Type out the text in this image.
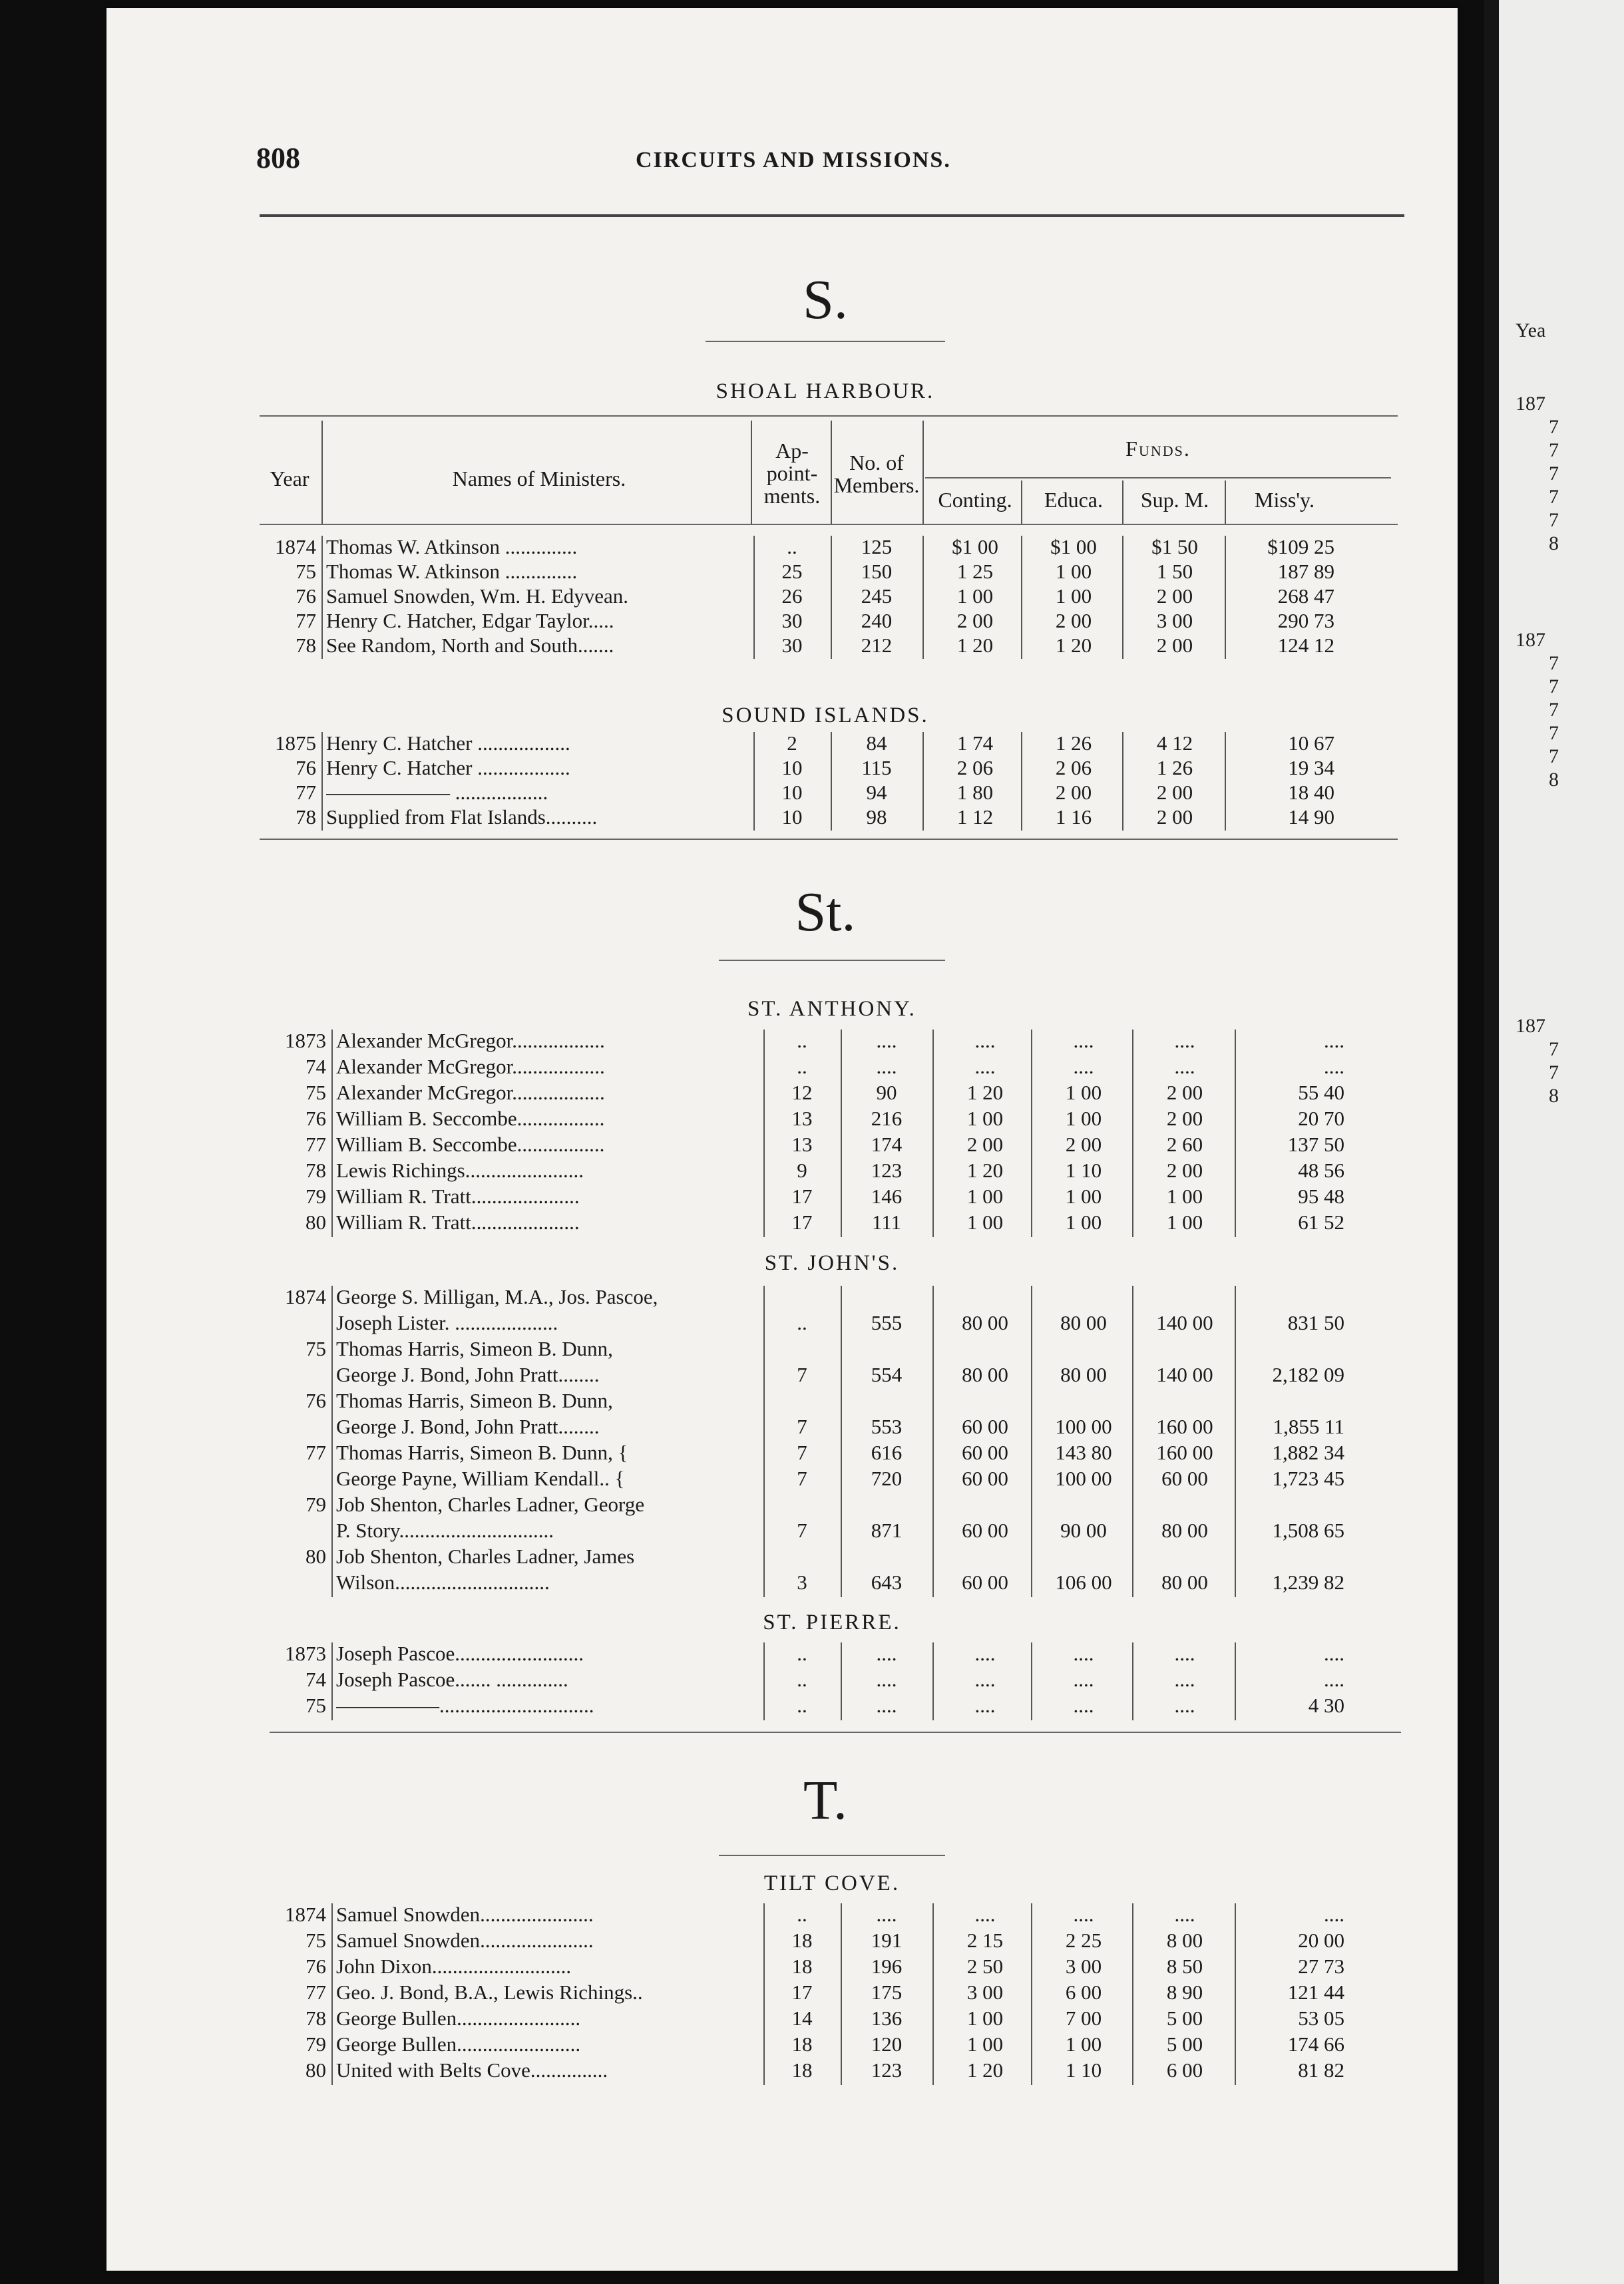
Yea
187
7
7
7
7
7
8
187
7
7
7
7
7
8
187
7
7
8
808	CIRCUITS AND MISSIONS.
S.
SHOAL HARBOUR.
Year	Names of Ministers.
Ap-
point-
ments.
No. of
Members.
Funds.
Conting.	Educa.	Sup. M.	Miss'y.
1874 Thomas W. Atkinson ..............	..	125	$1 00	$1 00	$1 50	$109 25
75 Thomas W. Atkinson ..............	25	150	1 25	1 00	1 50	187 89
76 Samuel Snowden, Wm. H. Edyvean.	26	245	1 00	1 00	2 00	268 47
77 Henry C. Hatcher, Edgar Taylor.....	30	240	2 00	2 00	3 00	290 73
78 See Random, North and South.......	30	212	1 20	1 20	2 00	124 12
SOUND ISLANDS.
1875 Henry C. Hatcher ..................	2	84	1 74	1 26	4 12	10 67
76 Henry C. Hatcher ..................	10	115	2 06	2 06	1 26	19 34
77 —————— ..................	10	94	1 80	2 00	2 00	18 40
78 Supplied from Flat Islands..........	10	98	1 12	1 16	2 00	14 90
St.
ST. ANTHONY.
1873 Alexander McGregor..................	..	....	....	....	....	....
74 Alexander McGregor..................	..	....	....	....	....	....
75 Alexander McGregor..................	12	90	1 20	1 00	2 00	55 40
76 William B. Seccombe.................	13	216	1 00	1 00	2 00	20 70
77 William B. Seccombe.................	13	174	2 00	2 00	2 60	137 50
78 Lewis Richings.......................	9	123	1 20	1 10	2 00	48 56
79 William R. Tratt.....................	17	146	1 00	1 00	1 00	95 48
80 William R. Tratt.....................	17	111	1 00	1 00	1 00	61 52
ST. JOHN'S.
1874 George S. Milligan, M.A., Jos. Pascoe,
Joseph Lister. ....................	..	555	80 00	80 00	140 00	831 50
75 Thomas Harris, Simeon B. Dunn,
George J. Bond, John Pratt........	7	554	80 00	80 00	140 00	2,182 09
76 Thomas Harris, Simeon B. Dunn,
George J. Bond, John Pratt........	7	553	60 00	100 00	160 00	1,855 11
77 Thomas Harris, Simeon B. Dunn, {	7	616	60 00	143 80	160 00	1,882 34
George Payne, William Kendall.. {	7	720	60 00	100 00	60 00	1,723 45
79 Job Shenton, Charles Ladner, George
P. Story..............................	7	871	60 00	90 00	80 00	1,508 65
80 Job Shenton, Charles Ladner, James
Wilson..............................	3	643	60 00	106 00	80 00	1,239 82
ST. PIERRE.
1873 Joseph Pascoe.........................	..	....	....	....	....	....
74 Joseph Pascoe....... ..............	..	....	....	....	....	....
75 —————..............................	..	....	....	....	....	4 30
T.
TILT COVE.
1874 Samuel Snowden......................	..	....	....	....	....	....
75 Samuel Snowden......................	18	191	2 15	2 25	8 00	20 00
76 John Dixon...........................	18	196	2 50	3 00	8 50	27 73
77 Geo. J. Bond, B.A., Lewis Richings..	17	175	3 00	6 00	8 90	121 44
78 George Bullen........................	14	136	1 00	7 00	5 00	53 05
79 George Bullen........................	18	120	1 00	1 00	5 00	174 66
80 United with Belts Cove...............	18	123	1 20	1 10	6 00	81 82
